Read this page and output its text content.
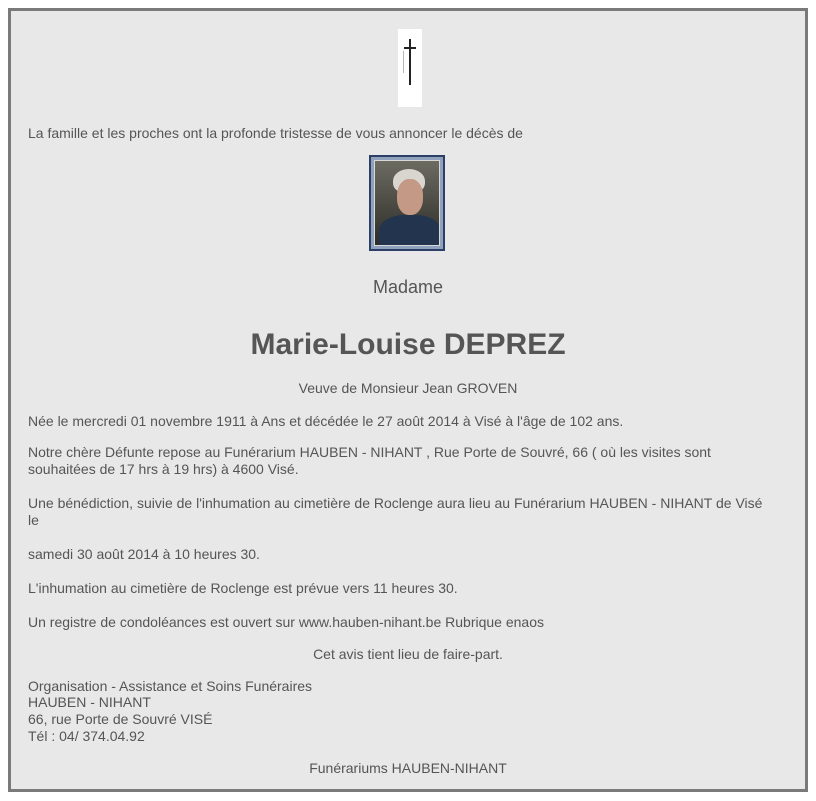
La famille et les proches ont la profonde tristesse de vous annoncer le décès de
Madame
Marie-Louise DEPREZ
Veuve de Monsieur Jean GROVEN
Née le mercredi 01 novembre 1911 à Ans et décédée le 27 août 2014 à Visé à l'âge de 102 ans.
Notre chère Défunte repose au Funérarium HAUBEN - NIHANT , Rue Porte de Souvré, 66 ( où les visites sont
souhaitées de 17 hrs à 19 hrs) à 4600 Visé.
Une bénédiction, suivie de l'inhumation au cimetière de Roclenge aura lieu au Funérarium HAUBEN - NIHANT de Visé
le
samedi 30 août 2014 à 10 heures 30.
L'inhumation au cimetière de Roclenge est prévue vers 11 heures 30.
Un registre de condoléances est ouvert sur www.hauben-nihant.be Rubrique enaos
Cet avis tient lieu de faire-part.
Organisation - Assistance et Soins Funéraires
HAUBEN - NIHANT
66, rue Porte de Souvré VISÉ
Tél : 04/ 374.04.92
Funérariums HAUBEN-NIHANT
